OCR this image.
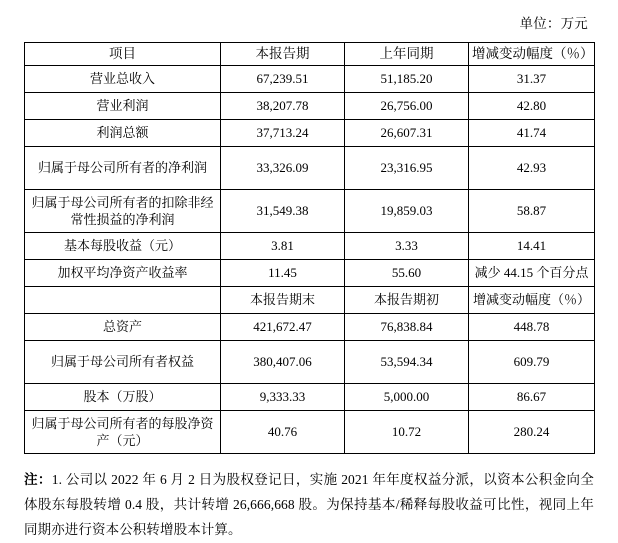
单位：万元
项目	本报告期	上年同期	增减变动幅度（％）
营业总收入	67,239.51	51,185.20	31.37
营业利润	38,207.78	26,756.00	42.80
利润总额	37,713.24	26,607.31	41.74
归属于母公司所有者的净利润	33,326.09	23,316.95	42.93
归属于母公司所有者的扣除非经常性损益的净利润	31,549.38	19,859.03	58.87
基本每股收益（元）	3.81	3.33	14.41
加权平均净资产收益率	11.45	55.60	减少 44.15 个百分点
	本报告期末	本报告期初	增减变动幅度（％）
总资产	421,672.47	76,838.84	448.78
归属于母公司所有者权益	380,407.06	53,594.34	609.79
股本（万股）	9,333.33	5,000.00	86.67
归属于母公司所有者的每股净资产（元）	40.76	10.72	280.24
注：1. 公司以 2022 年 6 月 2 日为股权登记日，实施 2021 年年度权益分派，以资本公积金向全体股东每股转增 0.4 股，共计转增 26,666,668 股。为保持基本/稀释每股收益可比性，视同上年同期亦进行资本公积转增股本计算。
